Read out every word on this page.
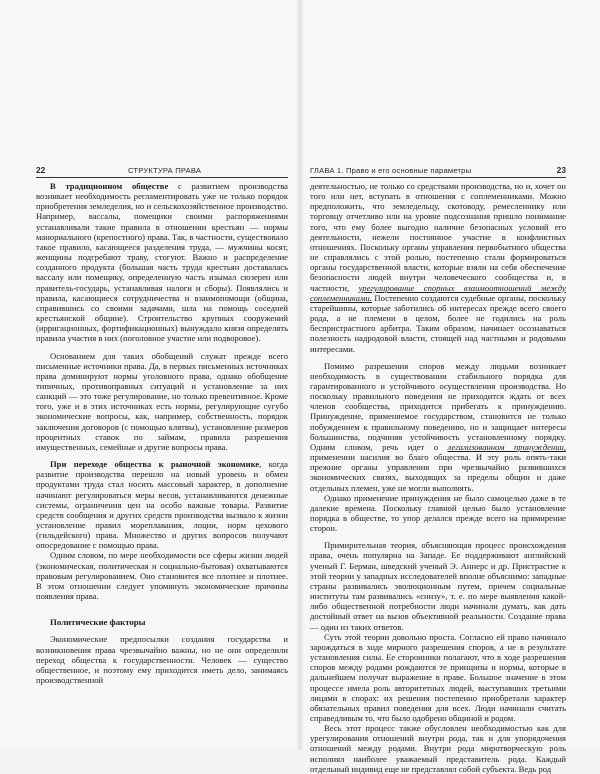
22	СТРУКТУРА ПРАВА

В традиционном обществе с развитием производства возникает необходимость регламентировать уже не только порядок приобретения земледелия, но и сельскохозяйственное производство. Например, вассалы, помещики своими распоряжениями устанавливали такие правила в отношении крестьян — нормы манориального (крепостного) права. Так, в частности, существовало такое правило, касающееся разделения труда, — мужчины косят, женщины подгребают траву, стогуют. Важно и распределение созданного продукта (большая часть труда крестьян доставалась вассалу или помещику, определенную часть изымал сюзерен или правитель-государь, устанавливая налоги и сборы). Появлялись и правила, касающиеся сотрудничества и взаимопомощи (община, справившись со своими задачами, шла на помощь соседней крестьянской общине). Строительство крупных сооружений (ирригационных, фортификационных) вынуждало князя определять правила участия в них (поголовное участие или подворовое).

Основанием для таких обобщений служат прежде всего письменные источники права. Да, в первых письменных источниках права доминируют нормы уголовного права, однако обобщение типичных, противоправных ситуаций и установление за них санкций — это тоже регулирование, но только превентивное. Кроме того, уже и в этих источниках есть нормы, регулирующие сугубо экономические вопросы, как, например, собственность, порядок заключения договоров (с помощью клятвы), установление размеров процентных ставок по займам, правила разрешения имущественных, семейные и другие вопросы права.

При переходе общества к рыночной экономике, когда развитие производства перешло на новый уровень и обмен продуктами труда стал носить массовый характер, в дополнение начинают регулироваться меры весов, устанавливаются денежные системы, ограничения цен на особо важные товары. Развитие средств сообщения и других средств производства вызвало к жизни установление правил мореплавания, лоции, норм цехового (гильдейского) права. Множество и других вопросов получают опосредование с помощью права.

Одним словом, по мере необходимости все сферы жизни людей (экономическая, политическая и социально-бытовая) охватываются правовым регулированием. Оно становится все плотнее и плотнее. В этом отношении следует упомянуть экономические причины появления права.

Политические факторы

Экономические предпосылки создания государства и возникновения права чрезвычайно важны, но не они определили переход общества к государственности. Человек — существо общественное, и поэтому ему приходится иметь дело, занимаясь производственной

ГЛАВА 1. Право и его основные параметры	23

деятельностью, не только со средствами производства, но и, хочет он того или нет, вступать в отношения с соплеменниками. Можно предположить, что земледельцу, скотоводу, ремесленнику или торговцу отчетливо или на уровне подсознания пришло понимание того, что ему более выгодно наличие безопасных условий его деятельности, нежели постоянное участие в конфликтных отношениях. Поскольку органы управления первобытного общества не справлялись с этой ролью, постепенно стали формироваться органы государственной власти, которые взяли на себя обеспечение безопасности людей внутри человеческого сообщества и, в частности, урегулирование спорных взаимоотношений между соплеменниками. Постепенно создаются судебные органы, поскольку старейшины, которые заботились об интересах прежде всего своего рода, а не племени в целом, более не годились на роль беспристрастного арбитра. Таким образом, начинает осознаваться полезность надродовой власти, стоящей над частными и родовыми интересами.

Помимо разрешения споров между людьми возникает необходимость в существовании стабильного порядка для гарантированного и устойчивого осуществления производства. Но поскольку правильного поведения не приходится ждать от всех членов сообщества, приходится прибегать к принуждению. Принуждение, применяемое государством, становится не только побуждением к правильному поведению, но и защищает интересы большинства, подчиняя устойчивость установленному порядку. Одним словом, речь идет о легализованном принуждении, применении насилия во благо общества. И эту роль опять-таки прежние органы управления при чрезвычайно развившихся экономических связях, выходящих за пределы общин и даже отдельных племен, уже не могли выполнять.

Однако применение принуждения не было самоцелью даже в те далекие времена. Поскольку главной целью было установление порядка в обществе, то упор делался прежде всего на примирение сторон.

Примирительная теория, объясняющая процесс происхождения права, очень популярна на Западе. Ее поддерживают английский ученый Г. Берман, шведский ученый Э. Аннерс и др. Пристрастие к этой теории у западных исследователей вполне объяснимо: западные страны развивались эволюционным путем, причем социальные институты там развивались «снизу», т. е. по мере выявления какой-либо общественной потребности люди начинали думать, как дать достойный ответ на вызов объективной реальности. Создание права — один из таких ответов.

Суть этой теории довольно проста. Согласно ей право начинало зарождаться в ходе мирного разрешения споров, а не в результате установления силы. Ее сторонники полагают, что в ходе разрешения споров между родами рождаются те принципы и нормы, которые в дальнейшем получат выражение в праве. Большое значение в этом процессе имела роль авторитетных людей, выступавших третьими лицами в спорах: их решения постепенно приобретали характер обязательных правил поведения для всех. Люди начинали считать справедливым то, что было одобрено общиной и родом.

Весь этот процесс также обусловлен необходимостью как для урегулирования отношений внутри рода, так и для упорядочения отношений между родами. Внутри рода миротворческую роль исполнял наиболее уважаемый представитель рода. Каждый отдельный индивид еще не представлял собой субъекта. Ведь род
